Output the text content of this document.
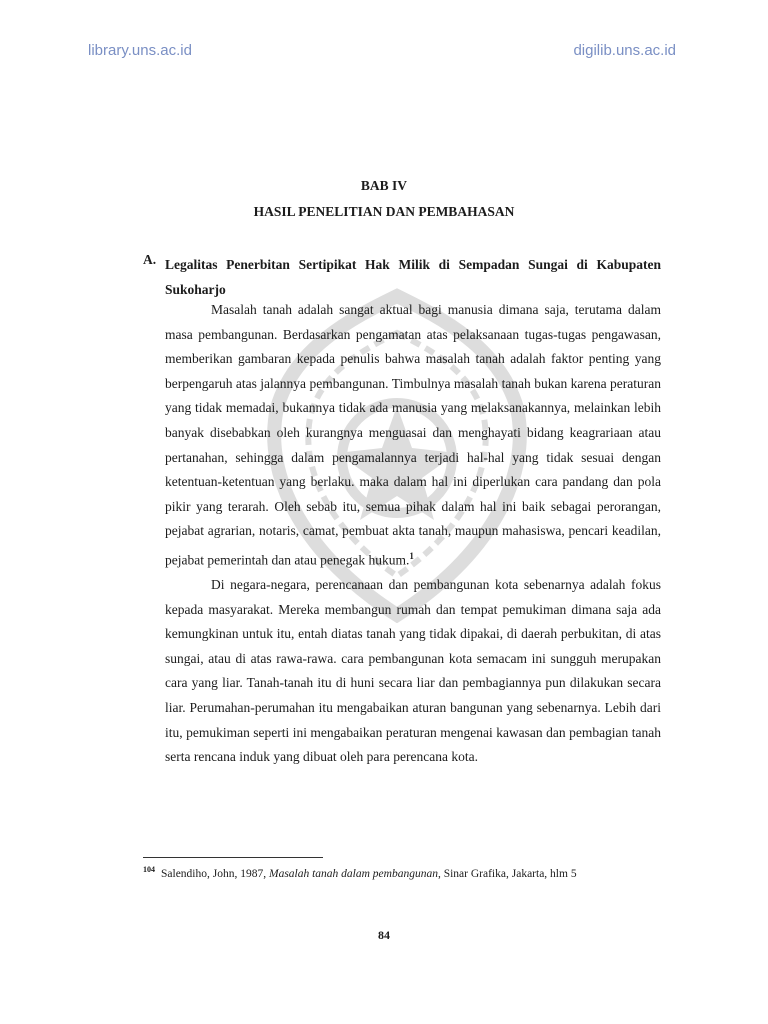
library.uns.ac.id	digilib.uns.ac.id
BAB IV
HASIL PENELITIAN DAN PEMBAHASAN
A. Legalitas Penerbitan Sertipikat Hak Milik di Sempadan Sungai di Kabupaten Sukoharjo

Masalah tanah adalah sangat aktual bagi manusia dimana saja, terutama dalam masa pembangunan. Berdasarkan pengamatan atas pelaksanaan tugas-tugas pengawasan, memberikan gambaran kepada penulis bahwa masalah tanah adalah faktor penting yang berpengaruh atas jalannya pembangunan. Timbulnya masalah tanah bukan karena peraturan yang tidak memadai, bukannya tidak ada manusia yang melaksanakannya, melainkan lebih banyak disebabkan oleh kurangnya menguasai dan menghayati bidang keagrariaan atau pertanahan, sehingga dalam pengamalannya terjadi hal-hal yang tidak sesuai dengan ketentuan-ketentuan yang berlaku. maka dalam hal ini diperlukan cara pandang dan pola pikir yang terarah. Oleh sebab itu, semua pihak dalam hal ini baik sebagai perorangan, pejabat agrarian, notaris, camat, pembuat akta tanah, maupun mahasiswa, pencari keadilan, pejabat pemerintah dan atau penegak hukum.$^1$

Di negara-negara, perencanaan dan pembangunan kota sebenarnya adalah fokus kepada masyarakat. Mereka membangun rumah dan tempat pemukiman dimana saja ada kemungkinan untuk itu, entah diatas tanah yang tidak dipakai, di daerah perbukitan, di atas sungai, atau di atas rawa-rawa. cara pembangunan kota semacam ini sungguh merupakan cara yang liar. Tanah-tanah itu di huni secara liar dan pembagiannya pun dilakukan secara liar. Perumahan-perumahan itu mengabaikan aturan bangunan yang sebenarnya. Lebih dari itu, pemukiman seperti ini mengabaikan peraturan mengenai kawasan dan pembagian tanah serta rencana induk yang dibuat oleh para perencana kota.

$^{104}$ Salendiho, John, 1987, Masalah tanah dalam pembangunan, Sinar Grafika, Jakarta, hlm 5
84
